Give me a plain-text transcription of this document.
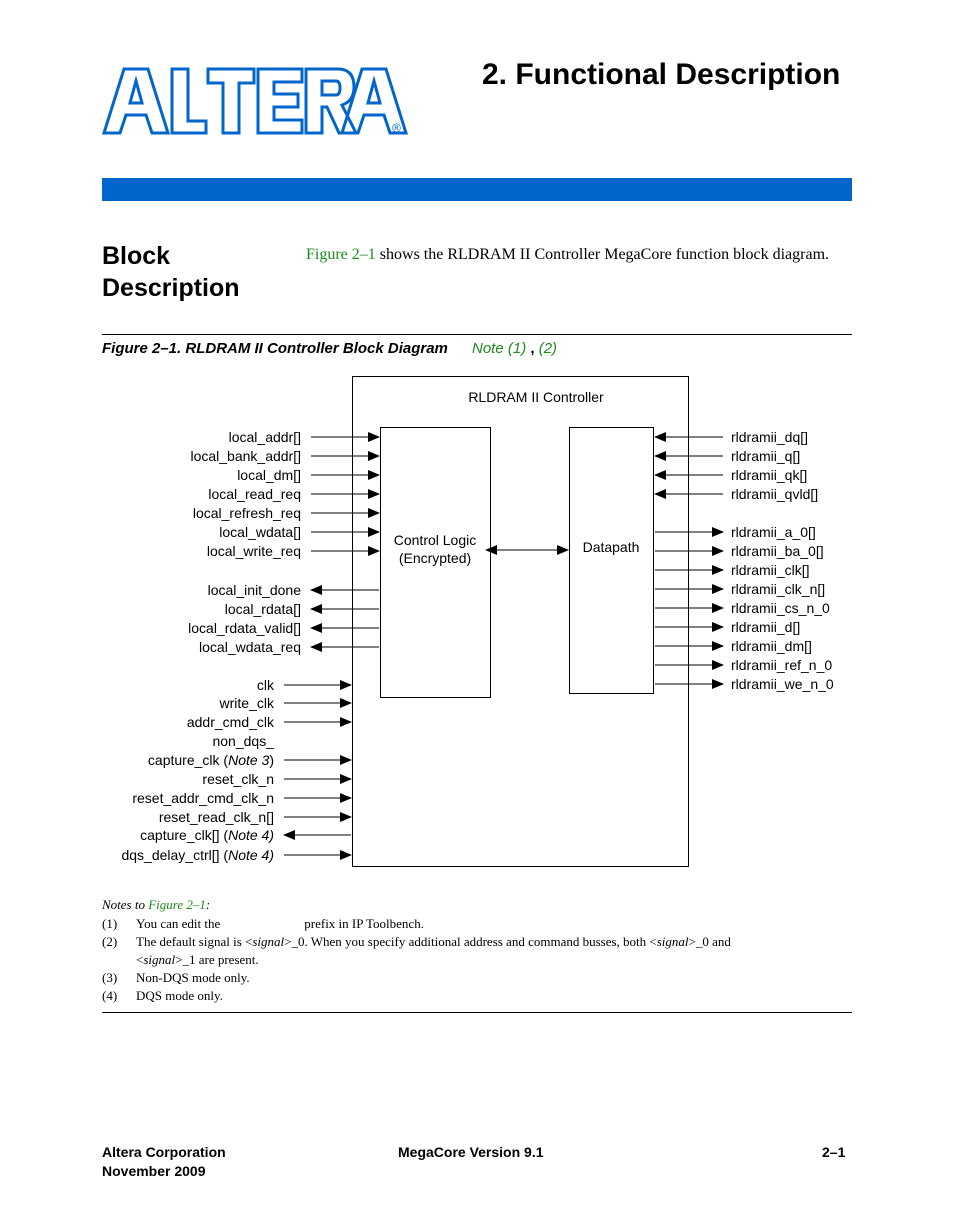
®
2. Functional Description
Block
Description
Figure 2–1 shows the RLDRAM II Controller MegaCore function block diagram.
Figure 2–1. RLDRAM II Controller Block Diagram Note (1) , (2)
RLDRAM II Controller
Control Logic
(Encrypted)
Datapath
local_addr[]
local_bank_addr[]
local_dm[]
local_read_req
local_refresh_req
local_wdata[]
local_write_req
local_init_done
local_rdata[]
local_rdata_valid[]
local_wdata_req
clk
write_clk
addr_cmd_clk
non_dqs_
reset_clk_n
reset_addr_cmd_clk_n
reset_read_clk_n[]
capture_clk (Note 3)
capture_clk[] (Note 4)
dqs_delay_ctrl[] (Note 4)
rldramii_dq[]
rldramii_q[]
rldramii_qk[]
rldramii_qvld[]
rldramii_a_0[]
rldramii_ba_0[]
rldramii_clk[]
rldramii_clk_n[]
rldramii_cs_n_0
rldramii_d[]
rldramii_dm[]
rldramii_ref_n_0
rldramii_we_n_0
Notes to Figure 2–1:
(1)	You can edit the	prefix in IP Toolbench.
(2)	The default signal is <signal>_0. When you specify additional address and command busses, both <signal>_0 and
<signal>_1 are present.
(3)	Non-DQS mode only.
(4)	DQS mode only.
Altera Corporation
November 2009
MegaCore Version 9.1	2–1
